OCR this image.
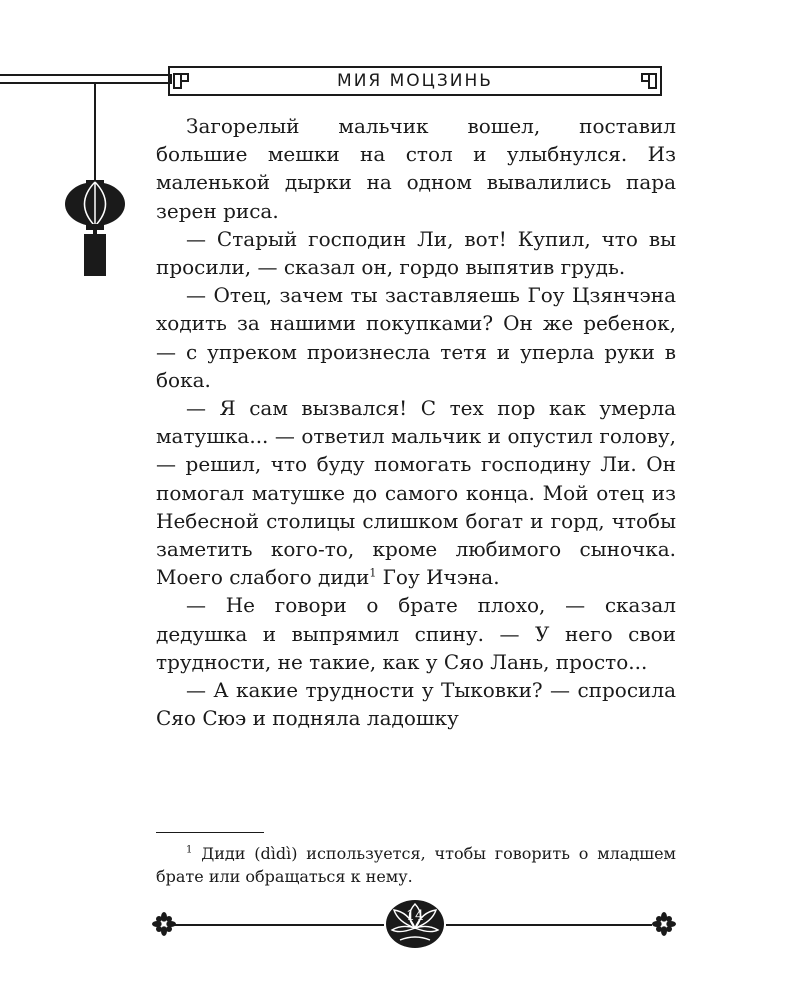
МИЯ МОЦЗИНЬ

Загорелый мальчик вошел, поставил большие мешки на стол и улыбнулся. Из маленькой дырки на одном вывалились пара зерен риса.

— Старый господин Ли, вот! Купил, что вы просили, — сказал он, гордо выпятив грудь.

— Отец, зачем ты заставляешь Гоу Цзянчэна ходить за нашими покупками? Он же ребенок, — с упреком произнесла тетя и уперла руки в бока.

— Я сам вызвался! С тех пор как умерла матушка... — ответил мальчик и опустил голову, — решил, что буду помогать господину Ли. Он помогал матушке до самого конца. Мой отец из Небесной столицы слишком богат и горд, чтобы заметить кого-то, кроме любимого сыночка. Моего слабого диди$^1$ Гоу Ичэна.

— Не говори о брате плохо, — сказал дедушка и выпрямил спину. — У него свои трудности, не такие, как у Сяо Лань, просто...

— А какие трудности у Тыковки? — спросила Сяо Сюэ и подняла ладошку

$^1$ Диди (dìdì) используется, чтобы говорить о младшем брате или обращаться к нему.

14
